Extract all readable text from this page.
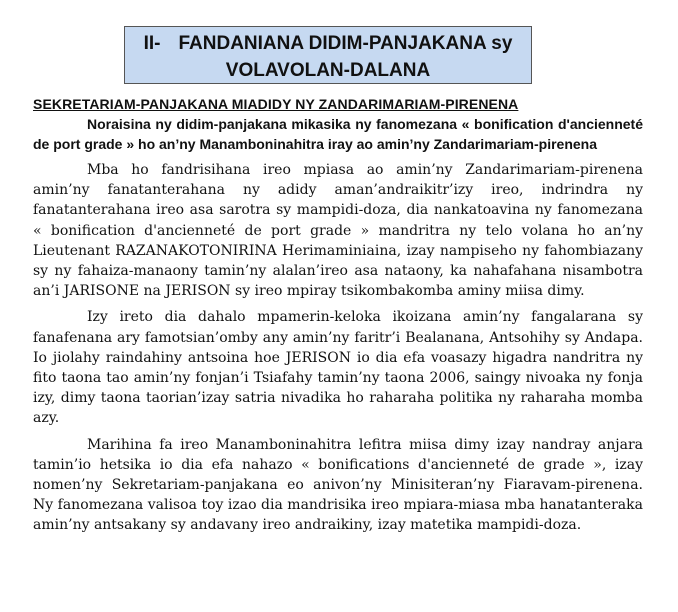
II- FANDANIANA DIDIM-PANJAKANA sy
VOLAVOLAN-DALANA
SEKRETARIAM-PANJAKANA MIADIDY NY ZANDARIMARIAM-PIRENENA

Noraisina ny didim-panjakana mikasika ny fanomezana « bonification d'ancienneté de port grade » ho an’ny Manamboninahitra iray ao amin’ny Zandarimariam-pirenena

Mba ho fandrisihana ireo mpiasa ao amin’ny Zandarimariam-pirenena amin’ny fanatanterahana ny adidy aman’andraikitr’izy ireo, indrindra ny fanatanterahana ireo asa sarotra sy mampidi-doza, dia nankatoavina ny fanomezana « bonification d'ancienneté de port grade » mandritra ny telo volana ho an’ny Lieutenant RAZANAKOTONIRINA Herimaminiaina, izay nampiseho ny fahombiazany sy ny fahaiza-manaony tamin’ny alalan’ireo asa nataony, ka nahafahana nisambotra an’i JARISONE na JERISON sy ireo mpiray tsikombakomba aminy miisa dimy.

Izy ireto dia dahalo mpamerin-keloka ikoizana amin’ny fangalarana sy fanafenana ary famotsian’omby any amin’ny faritr’i Bealanana, Antsohihy sy Andapa. Io jiolahy raindahiny antsoina hoe JERISON io dia efa voasazy higadra nandritra ny fito taona tao amin’ny fonjan’i Tsiafahy tamin’ny taona 2006, saingy nivoaka ny fonja izy, dimy taona taorian’izay satria nivadika ho raharaha politika ny raharaha momba azy.

Marihina fa ireo Manamboninahitra lefitra miisa dimy izay nandray anjara tamin’io hetsika io dia efa nahazo « bonifications d'ancienneté de grade », izay nomen’ny Sekretariam-panjakana eo anivon’ny Minisiteran’ny Fiaravam-pirenena. Ny fanomezana valisoa toy izao dia mandrisika ireo mpiara-miasa mba hanatanteraka amin’ny antsakany sy andavany ireo andraikiny, izay matetika mampidi-doza.
